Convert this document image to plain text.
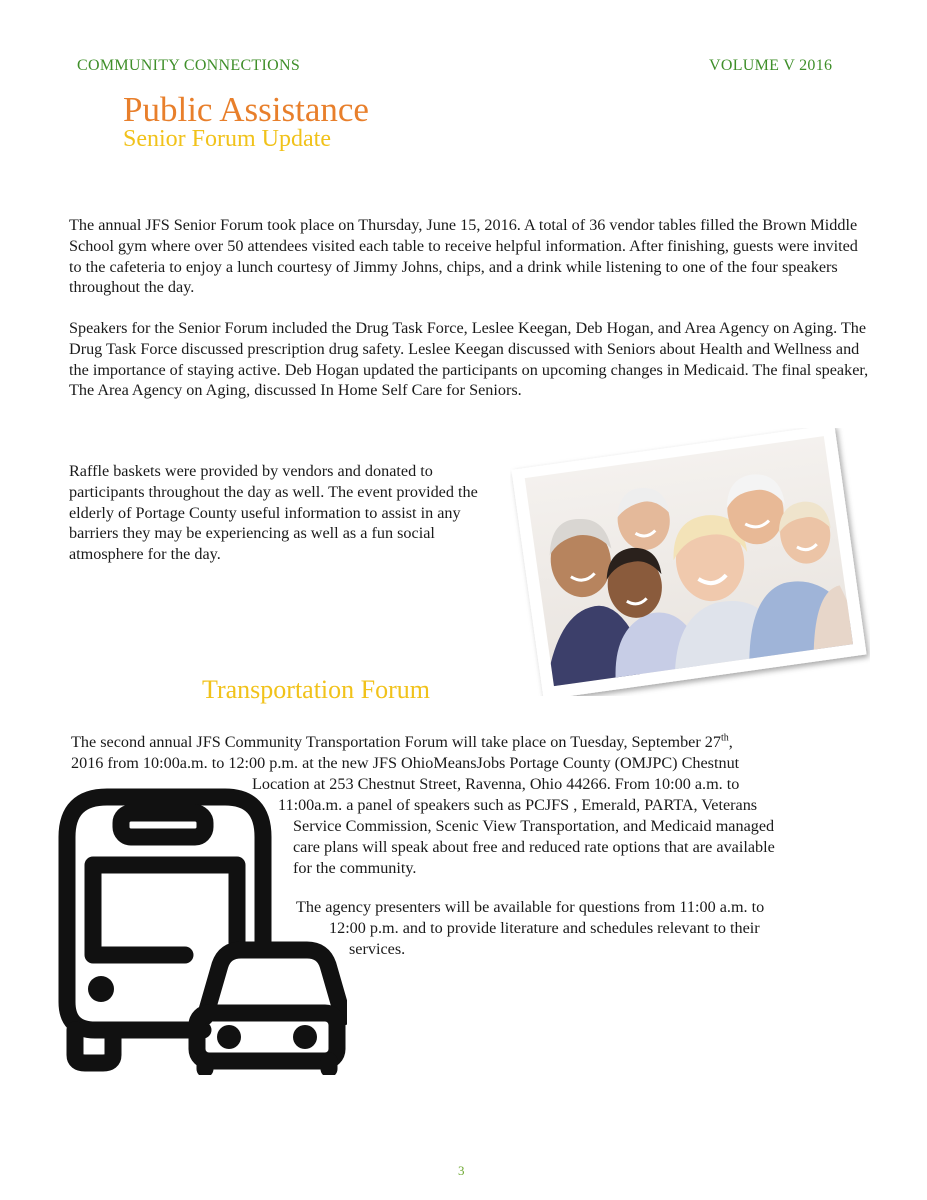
COMMUNITY CONNECTIONS	VOLUME V 2016
Public Assistance
Senior Forum Update

The annual JFS Senior Forum took place on Thursday, June 15, 2016. A total of 36 vendor tables filled the Brown Middle School gym where over 50 attendees visited each table to receive helpful information. After finishing, guests were invited to the cafeteria to enjoy a lunch courtesy of Jimmy Johns, chips, and a drink while listening to one of the four speakers throughout the day.

Speakers for the Senior Forum included the Drug Task Force, Leslee Keegan, Deb Hogan, and Area Agency on Aging. The Drug Task Force discussed prescription drug safety. Leslee Keegan discussed with Seniors about Health and Wellness and the importance of staying active. Deb Hogan updated the participants on upcoming changes in Medicaid. The final speaker, The Area Agency on Aging, discussed In Home Self Care for Seniors.

Raffle baskets were provided by vendors and donated to participants throughout the day as well. The event provided the elderly of Portage County useful information to assist in any barriers they may be experiencing as well as a fun social atmosphere for the day.

Transportation Forum
The second annual JFS Community Transportation Forum will take place on Tuesday, September 27th,
2016 from 10:00a.m. to 12:00 p.m. at the new JFS OhioMeansJobs Portage County (OMJPC) Chestnut
Location at 253 Chestnut Street, Ravenna, Ohio 44266. From 10:00 a.m. to
11:00a.m. a panel of speakers such as PCJFS , Emerald, PARTA, Veterans
Service Commission, Scenic View Transportation, and Medicaid managed
care plans will speak about free and reduced rate options that are available
for the community.
The agency presenters will be available for questions from 11:00 a.m. to
12:00 p.m. and to provide literature and schedules relevant to their
services.
3
